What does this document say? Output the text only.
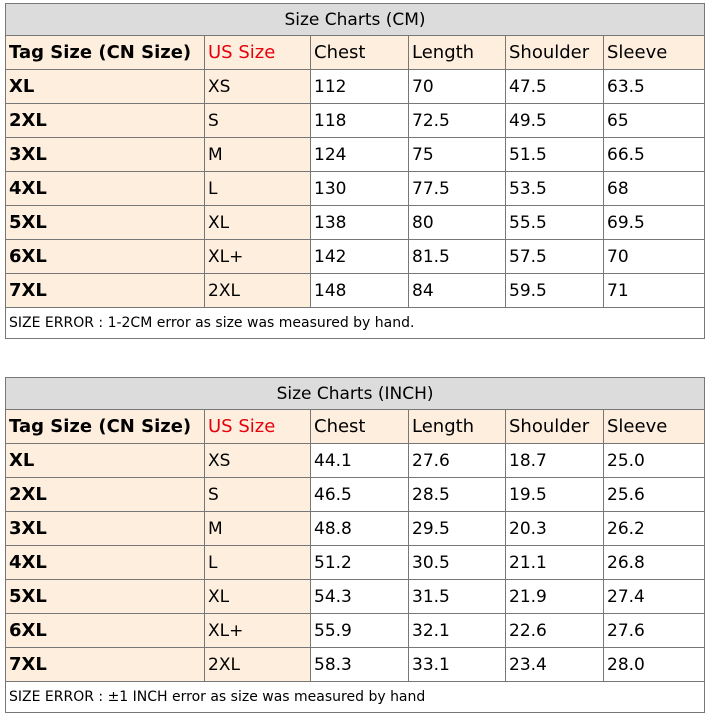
Size Charts (CM)					
Tag Size (CN Size)	US Size	Chest	Length	Shoulder	Sleeve
XL	XS	112	70	47.5	63.5
2XL	S	118	72.5	49.5	65
3XL	M	124	75	51.5	66.5
4XL	L	130	77.5	53.5	68
5XL	XL	138	80	55.5	69.5
6XL	XL+	142	81.5	57.5	70
7XL	2XL	148	84	59.5	71
SIZE ERROR : 1-2CM error as size was measured by hand.					
Size Charts (INCH)					
Tag Size (CN Size)	US Size	Chest	Length	Shoulder	Sleeve
XL	XS	44.1	27.6	18.7	25.0
2XL	S	46.5	28.5	19.5	25.6
3XL	M	48.8	29.5	20.3	26.2
4XL	L	51.2	30.5	21.1	26.8
5XL	XL	54.3	31.5	21.9	27.4
6XL	XL+	55.9	32.1	22.6	27.6
7XL	2XL	58.3	33.1	23.4	28.0
SIZE ERROR : ±1 INCH error as size was measured by hand					
